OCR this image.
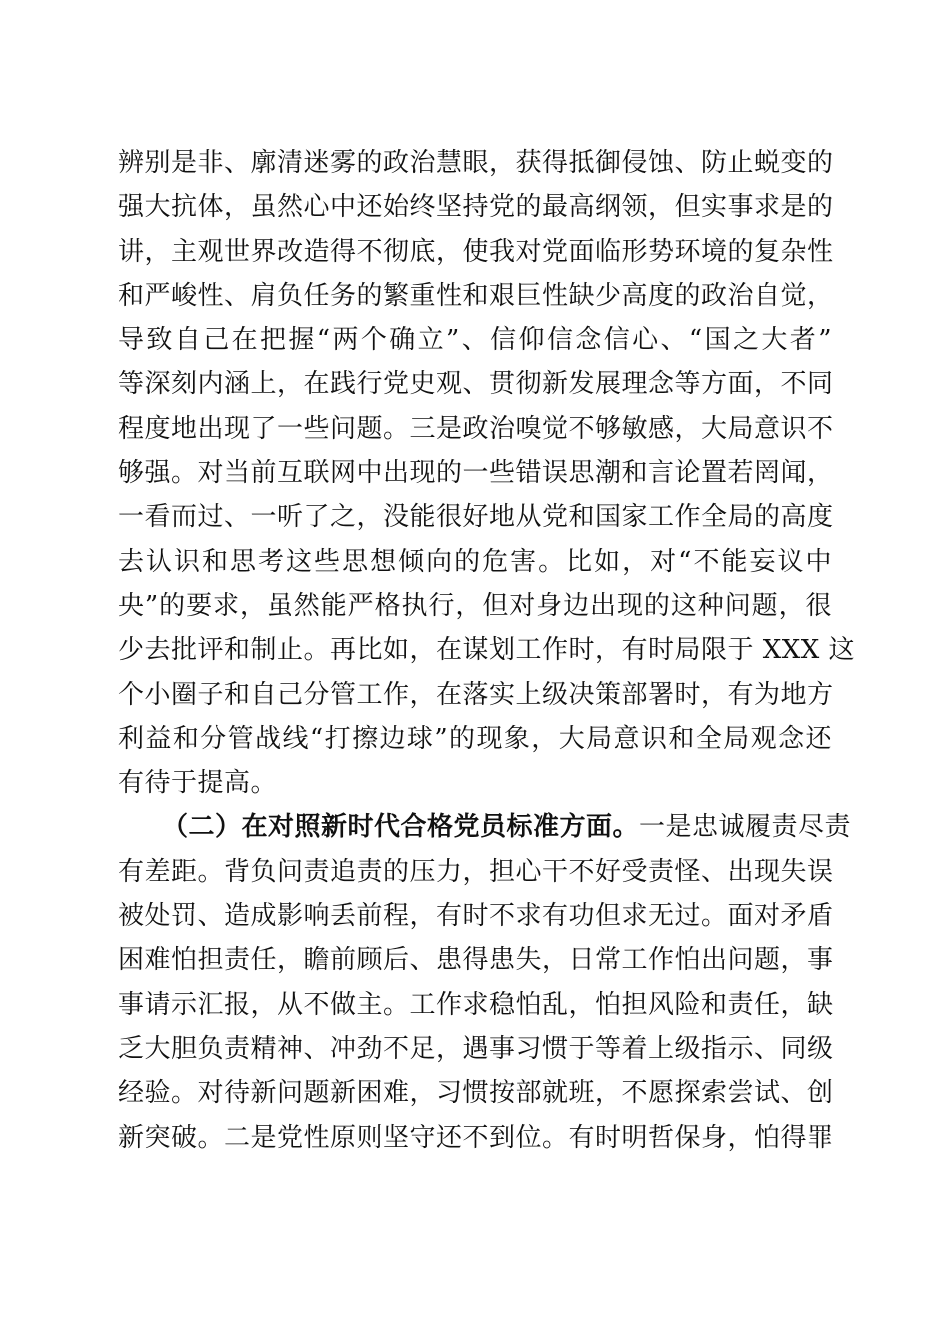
辨别是非、廓清迷雾的政治慧眼，获得抵御侵蚀、防止蜕变的
强大抗体，虽然心中还始终坚持党的最高纲领，但实事求是的
讲，主观世界改造得不彻底，使我对党面临形势环境的复杂性
和严峻性、肩负任务的繁重性和艰巨性缺少高度的政治自觉，
导致自己在把握“两个确立”、信仰信念信心、“国之大者”
等深刻内涵上，在践行党史观、贯彻新发展理念等方面，不同
程度地出现了一些问题。三是政治嗅觉不够敏感，大局意识不
够强。对当前互联网中出现的一些错误思潮和言论置若罔闻，
一看而过、一听了之，没能很好地从党和国家工作全局的高度
去认识和思考这些思想倾向的危害。比如，对“不能妄议中
央”的要求，虽然能严格执行，但对身边出现的这种问题，很
少去批评和制止。再比如，在谋划工作时，有时局限于 XXX 这
个小圈子和自己分管工作，在落实上级决策部署时，有为地方
利益和分管战线“打擦边球”的现象，大局意识和全局观念还
有待于提高。
（二）在对照新时代合格党员标准方面。一是忠诚履责尽责
有差距。背负问责追责的压力，担心干不好受责怪、出现失误
被处罚、造成影响丢前程，有时不求有功但求无过。面对矛盾
困难怕担责任，瞻前顾后、患得患失，日常工作怕出问题，事
事请示汇报，从不做主。工作求稳怕乱，怕担风险和责任，缺
乏大胆负责精神、冲劲不足，遇事习惯于等着上级指示、同级
经验。对待新问题新困难，习惯按部就班，不愿探索尝试、创
新突破。二是党性原则坚守还不到位。有时明哲保身，怕得罪
